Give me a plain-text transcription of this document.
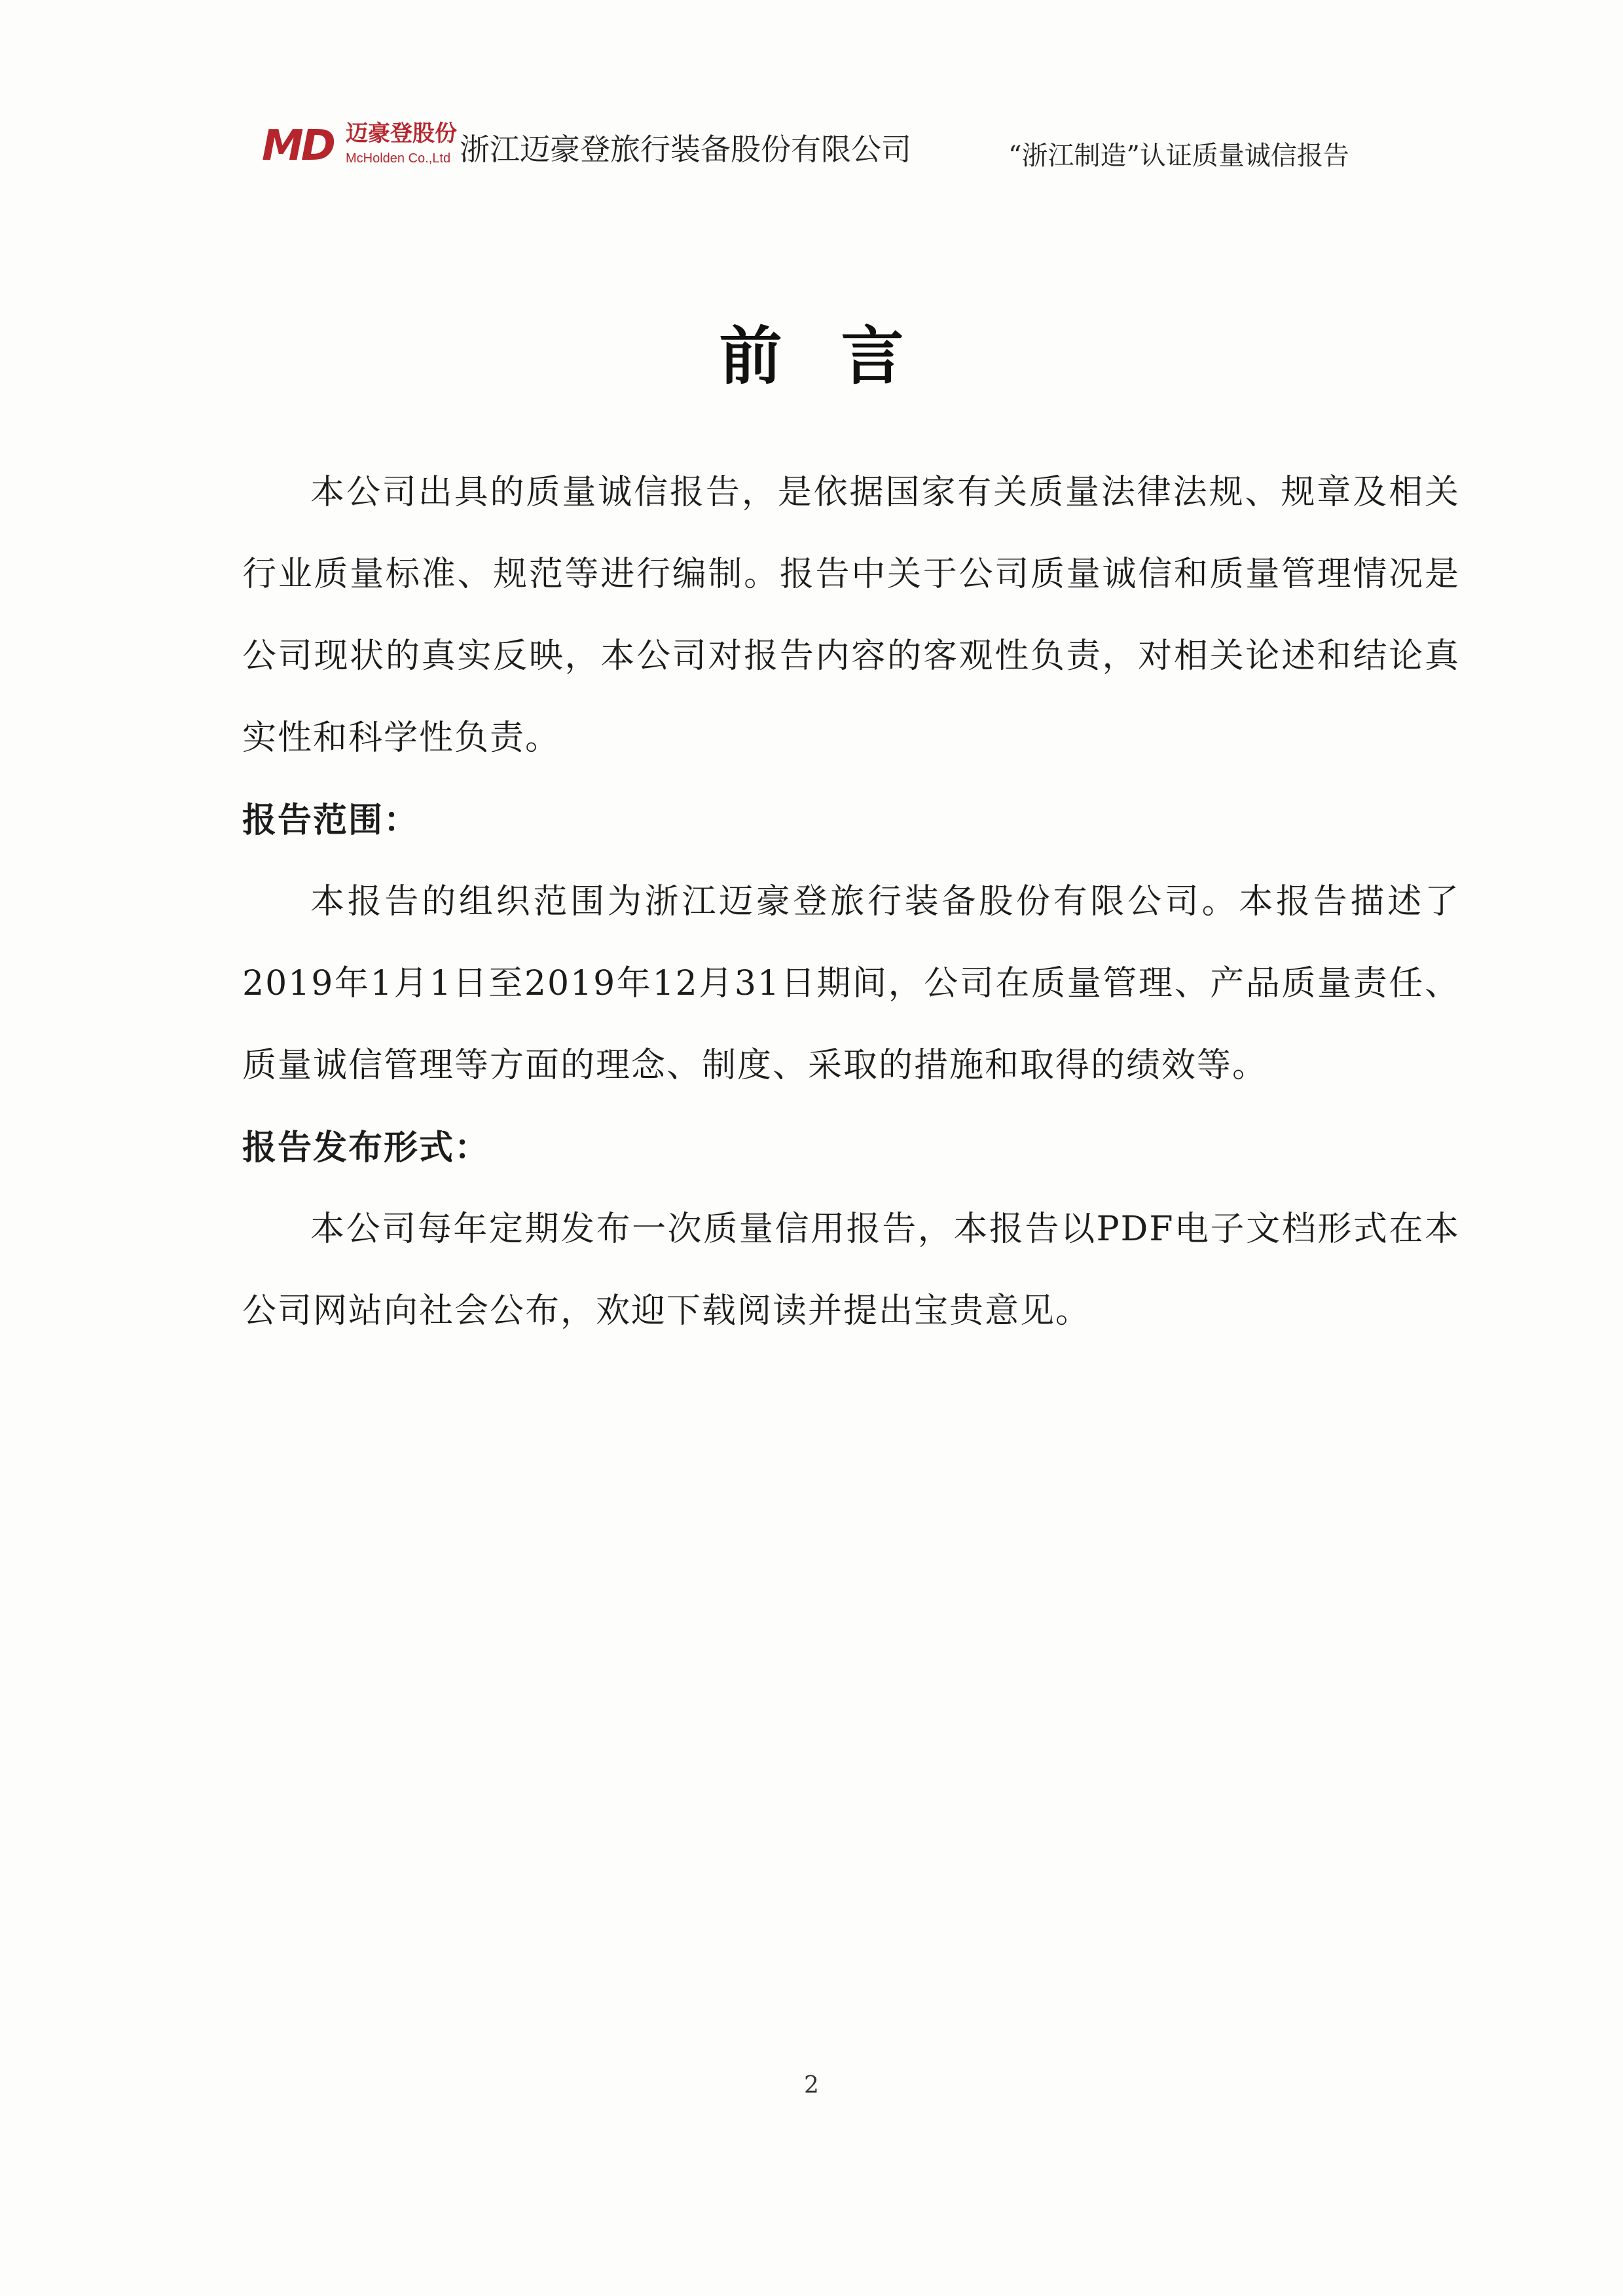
MD 迈豪登股份
McHolden Co.,Ltd 浙江迈豪登旅行装备股份有限公司	“浙江制造”认证质量诚信报告
前言

本公司出具的质量诚信报告，是依据国家有关质量法律法规、规章及相关行业质量标准、规范等进行编制。报告中关于公司质量诚信和质量管理情况是公司现状的真实反映，本公司对报告内容的客观性负责，对相关论述和结论真实性和科学性负责。

报告范围：

本报告的组织范围为浙江迈豪登旅行装备股份有限公司。本报告描述了2019年1月1日至2019年12月31日期间，公司在质量管理、产品质量责任、质量诚信管理等方面的理念、制度、采取的措施和取得的绩效等。

报告发布形式：

本公司每年定期发布一次质量信用报告，本报告以PDF电子文档形式在本公司网站向社会公布，欢迎下载阅读并提出宝贵意见。

2
